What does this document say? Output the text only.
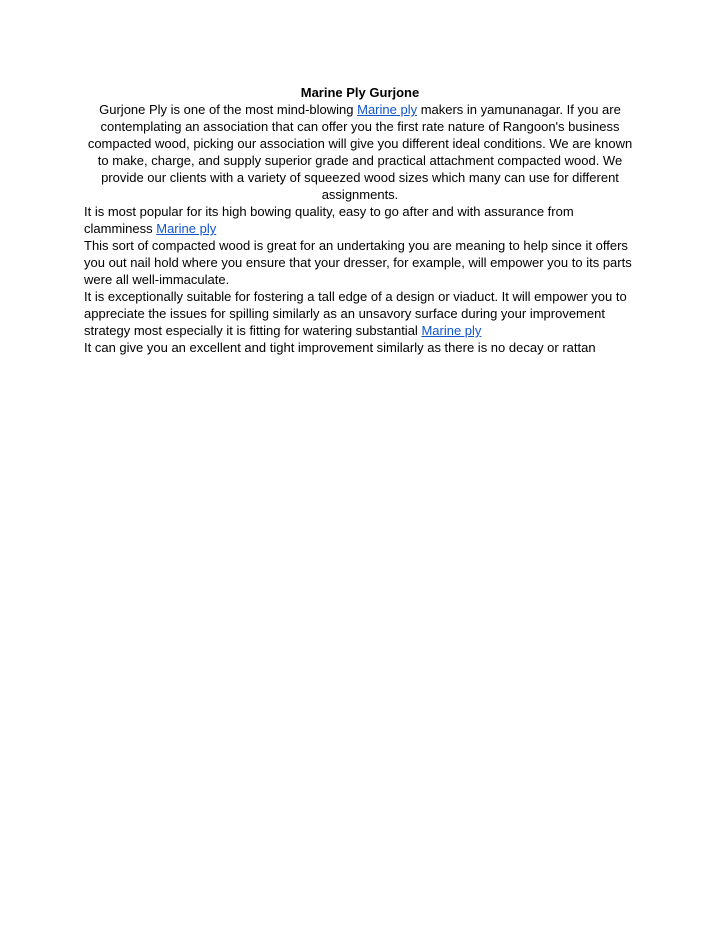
Marine Ply Gurjone

Gurjone Ply is one of the most mind-blowing Marine ply makers in yamunanagar. If you are contemplating an association that can offer you the first rate nature of Rangoon's business compacted wood, picking our association will give you different ideal conditions. We are known to make, charge, and supply superior grade and practical attachment compacted wood. We provide our clients with a variety of squeezed wood sizes which many can use for different assignments.

It is most popular for its high bowing quality, easy to go after and with assurance from clamminess Marine ply

This sort of compacted wood is great for an undertaking you are meaning to help since it offers you out nail hold where you ensure that your dresser, for example, will empower you to its parts were all well-immaculate.

It is exceptionally suitable for fostering a tall edge of a design or viaduct. It will empower you to appreciate the issues for spilling similarly as an unsavory surface during your improvement strategy most especially it is fitting for watering substantial Marine ply

It can give you an excellent and tight improvement similarly as there is no decay or rattan
